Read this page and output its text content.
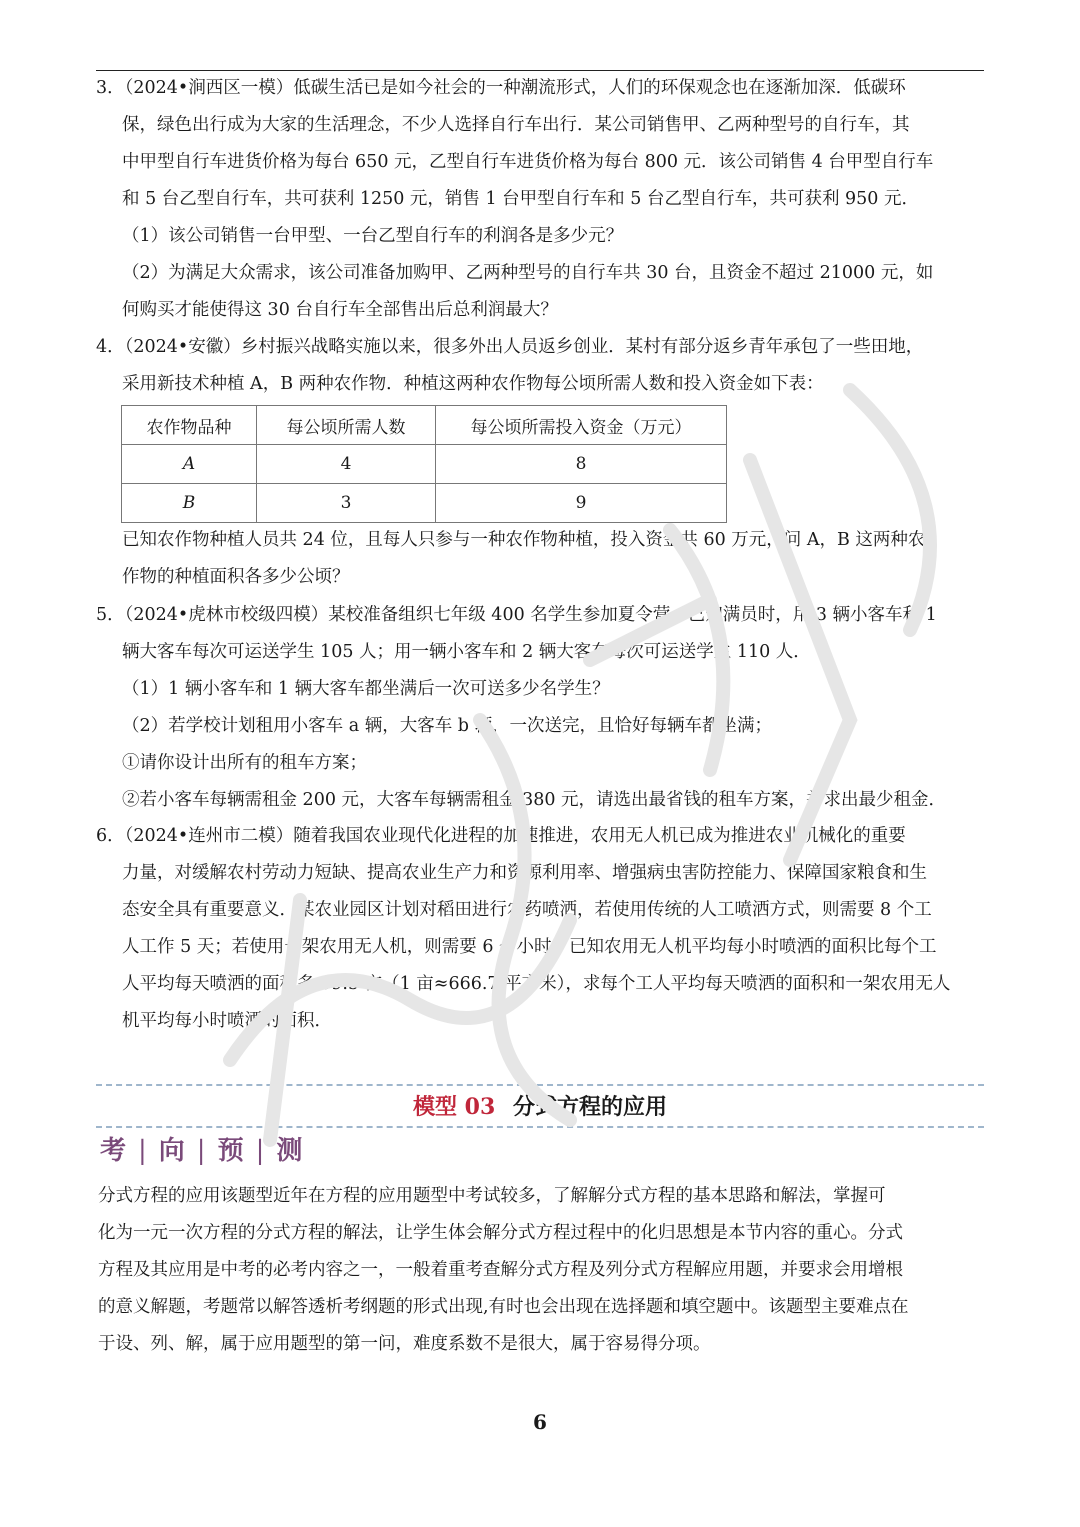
3．（2024•涧西区一模）低碳生活已是如今社会的一种潮流形式，人们的环保观念也在逐渐加深．低碳环
保，绿色出行成为大家的生活理念，不少人选择自行车出行．某公司销售甲、乙两种型号的自行车，其
中甲型自行车进货价格为每台 650 元，乙型自行车进货价格为每台 800 元．该公司销售 4 台甲型自行车
和 5 台乙型自行车，共可获利 1250 元，销售 1 台甲型自行车和 5 台乙型自行车，共可获利 950 元．
（1）该公司销售一台甲型、一台乙型自行车的利润各是多少元？
（2）为满足大众需求，该公司准备加购甲、乙两种型号的自行车共 30 台，且资金不超过 21000 元，如
何购买才能使得这 30 台自行车全部售出后总利润最大？
4．（2024•安徽）乡村振兴战略实施以来，很多外出人员返乡创业．某村有部分返乡青年承包了一些田地，
采用新技术种植 A，B 两种农作物．种植这两种农作物每公顷所需人数和投入资金如下表：
农作物品种	每公顷所需人数	每公顷所需投入资金（万元）
A	4	8
B	3	9
已知农作物种植人员共 24 位，且每人只参与一种农作物种植，投入资金共 60 万元，问 A，B 这两种农
作物的种植面积各多少公顷？
5．（2024•虎林市校级四模）某校准备组织七年级 400 名学生参加夏令营，已知满员时，用 3 辆小客车和 1
辆大客车每次可运送学生 105 人；用一辆小客车和 2 辆大客车每次可运送学生 110 人．
（1）1 辆小客车和 1 辆大客车都坐满后一次可送多少名学生？
（2）若学校计划租用小客车 a 辆，大客车 b 辆，一次送完，且恰好每辆车都坐满；
①请你设计出所有的租车方案；
②若小客车每辆需租金 200 元，大客车每辆需租金 380 元，请选出最省钱的租车方案，并求出最少租金．
6．（2024•连州市二模）随着我国农业现代化进程的加速推进，农用无人机已成为推进农业机械化的重要
力量，对缓解农村劳动力短缺、提高农业生产力和资源利用率、增强病虫害防控能力、保障国家粮食和生
态安全具有重要意义．某农业园区计划对稻田进行农药喷洒，若使用传统的人工喷洒方式，则需要 8 个工
人工作 5 天；若使用一架农用无人机，则需要 6 个小时．已知农用无人机平均每小时喷洒的面积比每个工
人平均每天喷洒的面积多 59.5 亩（1 亩≈666.7 平方米），求每个工人平均每天喷洒的面积和一架农用无人
机平均每小时喷洒的面积．
模型 03 分式方程的应用
考 | 向 | 预 | 测
分式方程的应用该题型近年在方程的应用题型中考试较多，了解解分式方程的基本思路和解法，掌握可
化为一元一次方程的分式方程的解法，让学生体会解分式方程过程中的化归思想是本节内容的重心。分式
方程及其应用是中考的必考内容之一，一般着重考查解分式方程及列分式方程解应用题，并要求会用增根
的意义解题，考题常以解答透析考纲题的形式出现,有时也会出现在选择题和填空题中。该题型主要难点在
于设、列、解，属于应用题型的第一问，难度系数不是很大，属于容易得分项。
6
